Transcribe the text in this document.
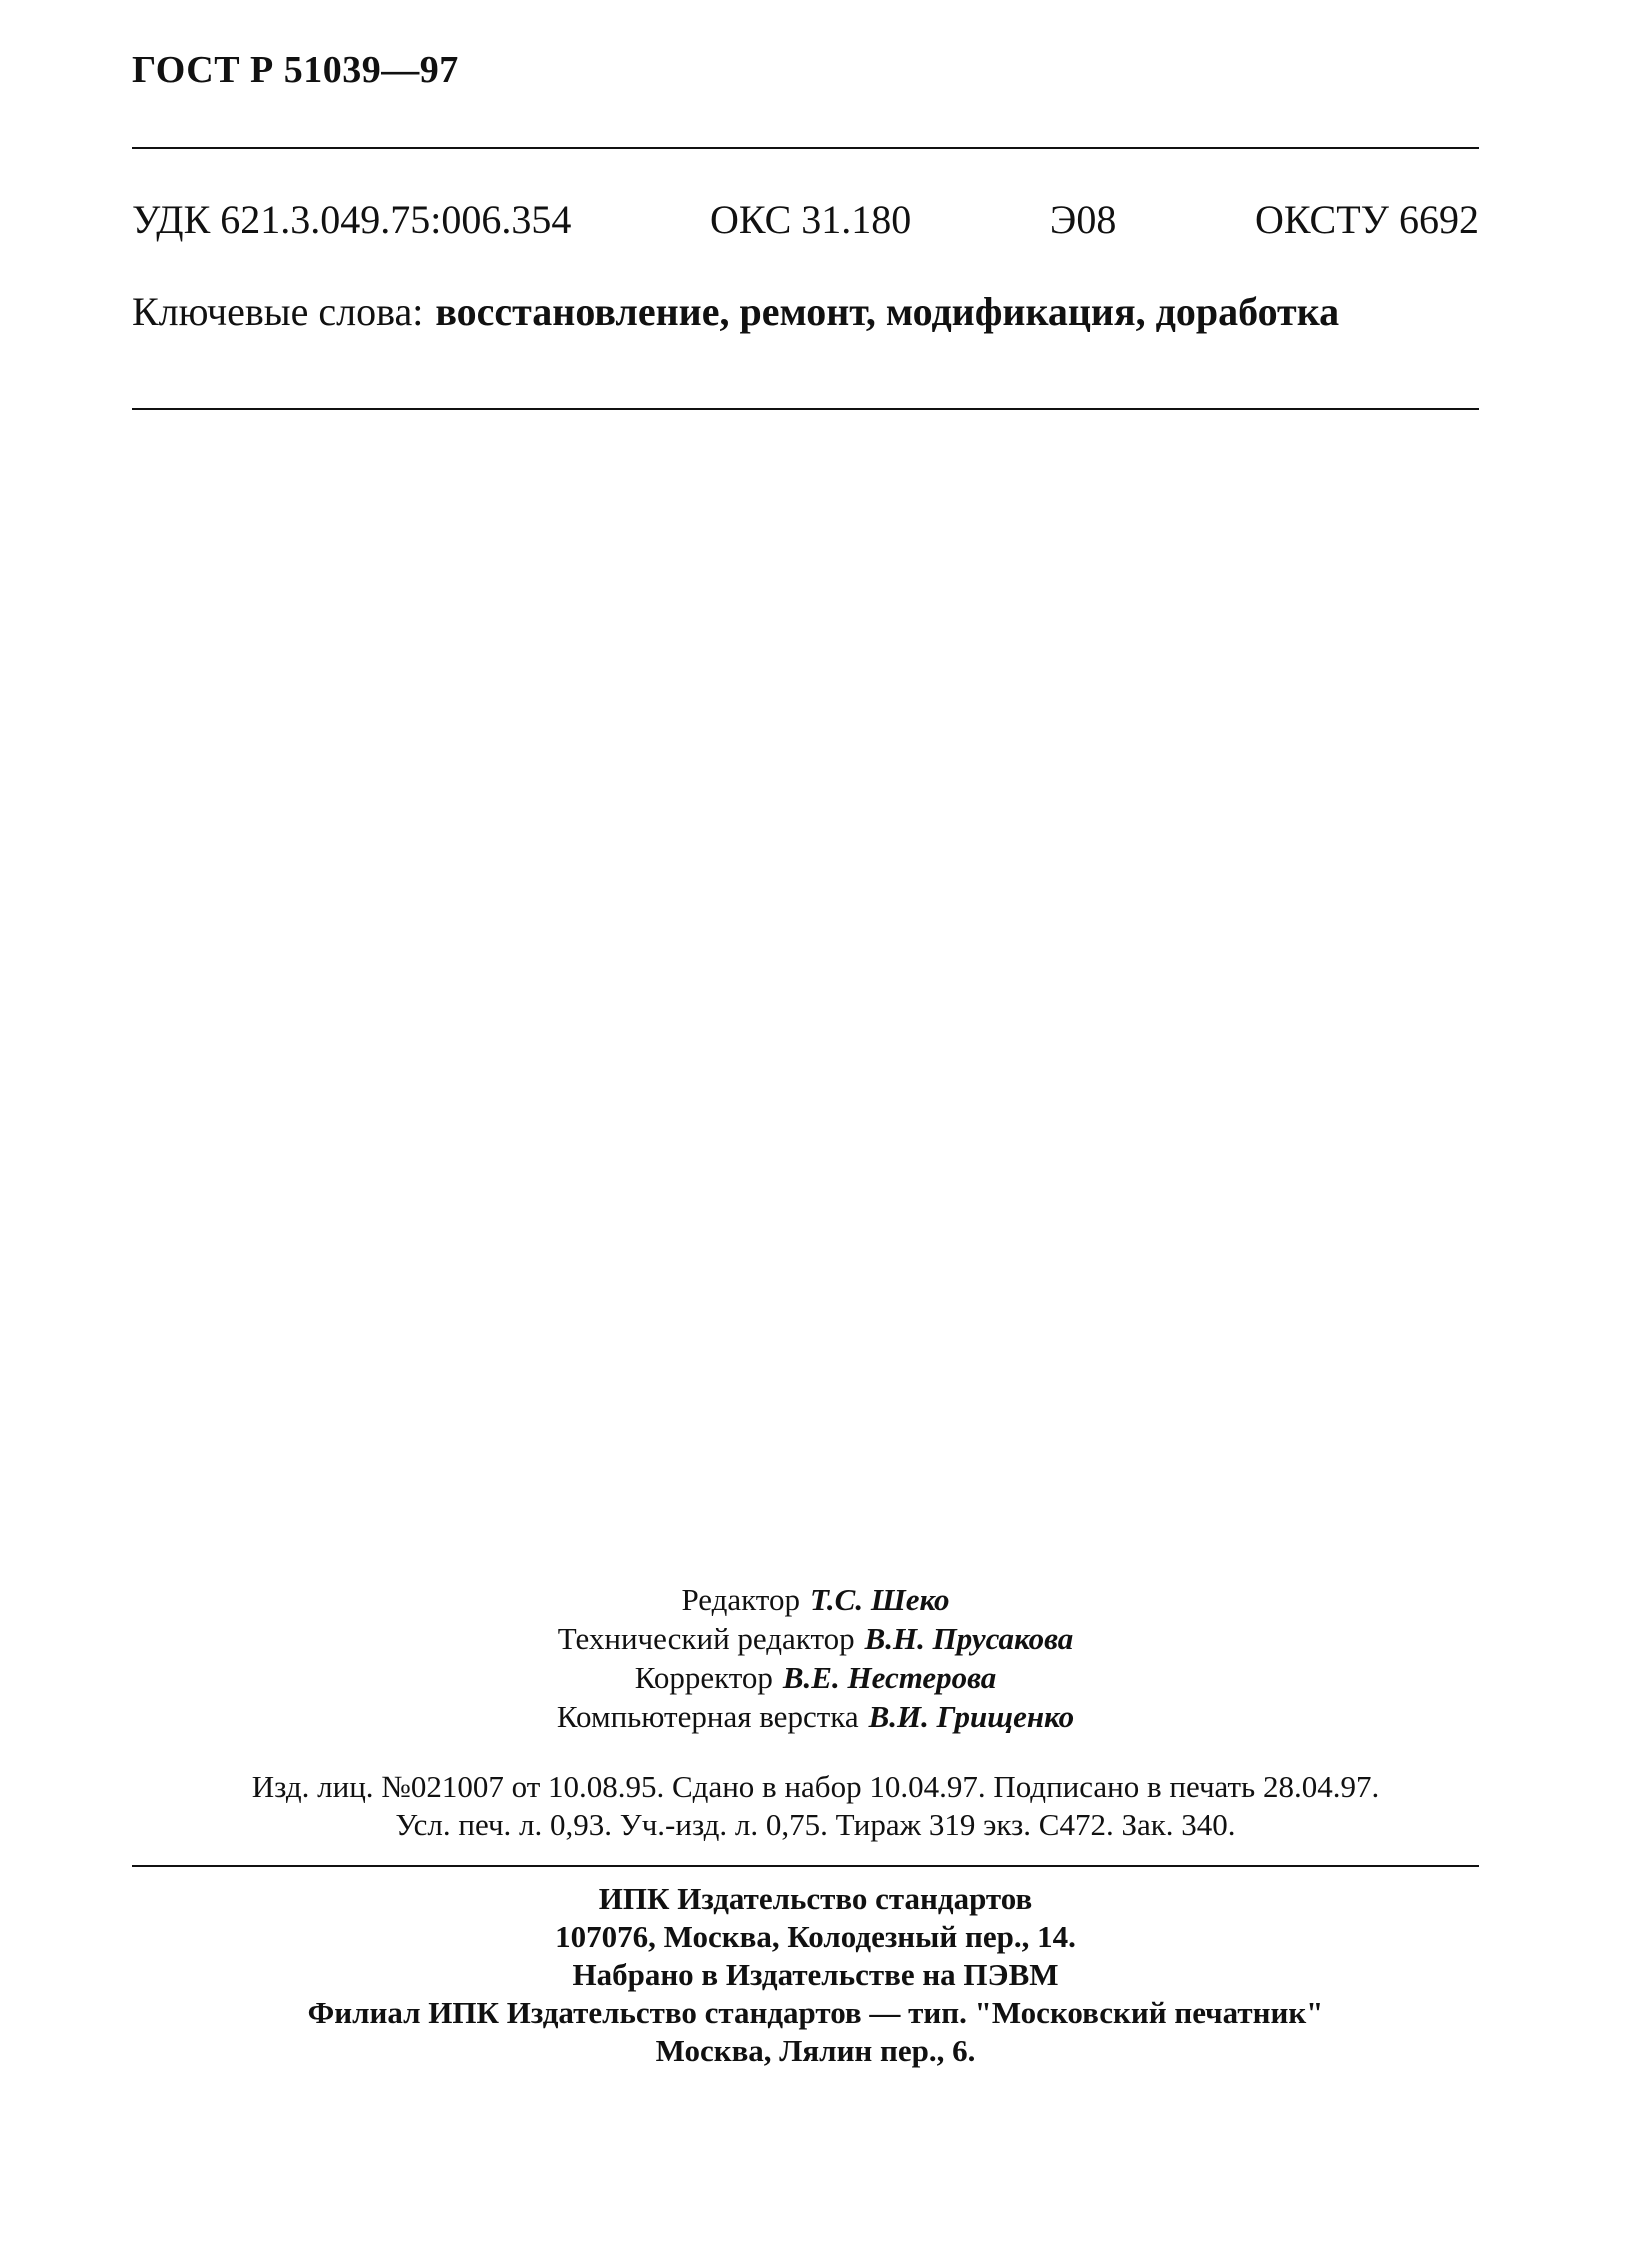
ГОСТ Р 51039—97
УДК 621.3.049.75:006.354	ОКС 31.180	Э08	ОКСТУ 6692
Ключевые слова: восстановление, ремонт, модификация, доработка
Редактор Т.С. Шеко
Технический редактор В.Н. Прусакова
Корректор В.Е. Нестерова
Компьютерная верстка В.И. Грищенко
Изд. лиц. №021007 от 10.08.95. Сдано в набор 10.04.97. Подписано в печать 28.04.97.
Усл. печ. л. 0,93. Уч.-изд. л. 0,75. Тираж 319 экз. С472. Зак. 340.
ИПК Издательство стандартов
107076, Москва, Колодезный пер., 14.
Набрано в Издательстве на ПЭВМ
Филиал ИПК Издательство стандартов — тип. "Московский печатник"
Москва, Лялин пер., 6.
